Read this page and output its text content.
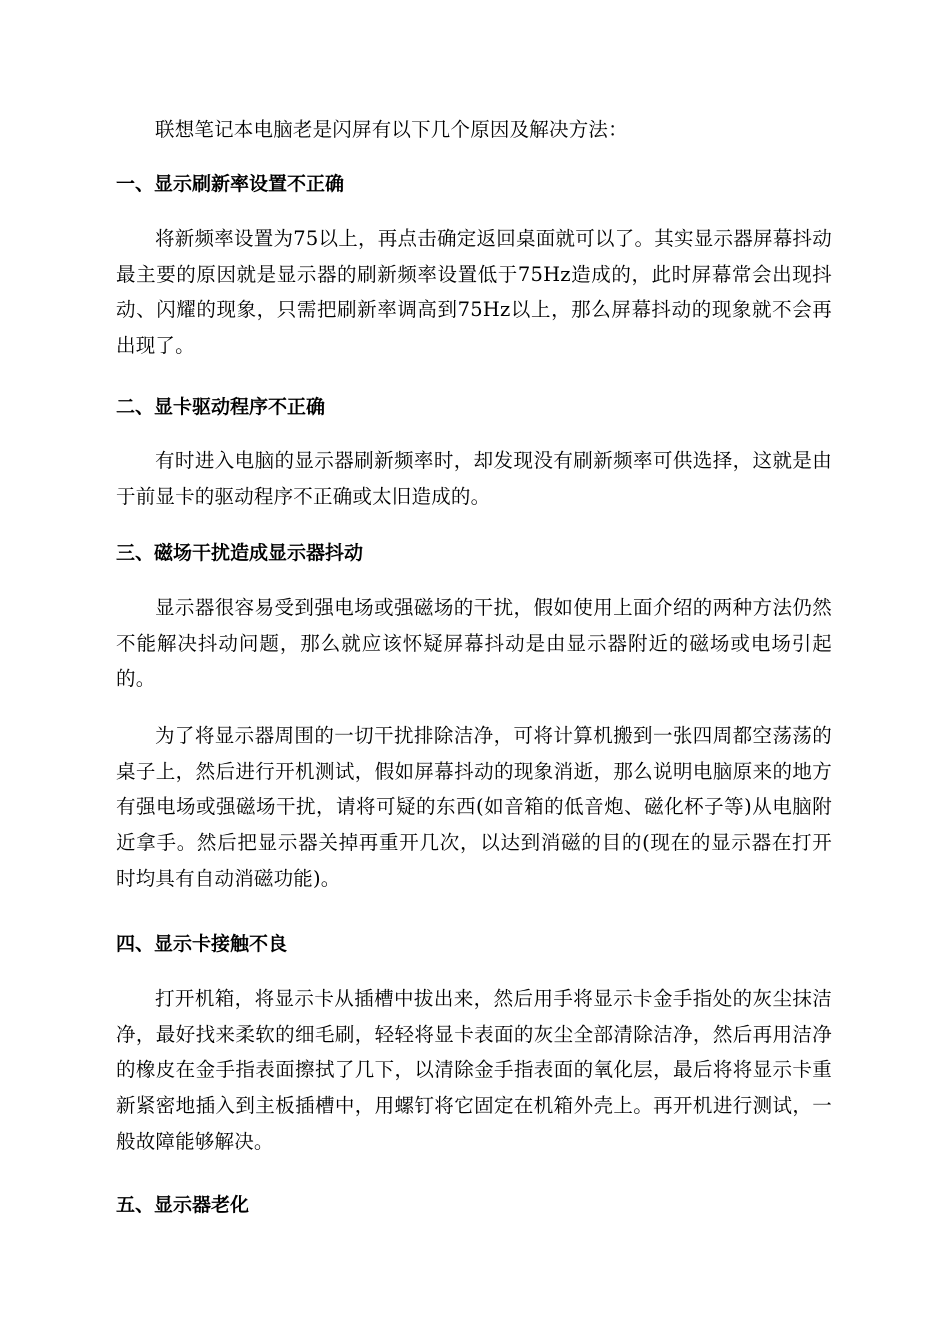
联想笔记本电脑老是闪屏有以下几个原因及解决方法：

一、显示刷新率设置不正确

将新频率设置为75以上，再点击确定返回桌面就可以了。其实显示器屏幕抖动最主要的原因就是显示器的刷新频率设置低于75Hz造成的，此时屏幕常会出现抖动、闪耀的现象，只需把刷新率调高到75Hz以上，那么屏幕抖动的现象就不会再出现了。

二、显卡驱动程序不正确

有时进入电脑的显示器刷新频率时，却发现没有刷新频率可供选择，这就是由于前显卡的驱动程序不正确或太旧造成的。

三、磁场干扰造成显示器抖动

显示器很容易受到强电场或强磁场的干扰，假如使用上面介绍的两种方法仍然不能解决抖动问题，那么就应该怀疑屏幕抖动是由显示器附近的磁场或电场引起的。

为了将显示器周围的一切干扰排除洁净，可将计算机搬到一张四周都空荡荡的桌子上，然后进行开机测试，假如屏幕抖动的现象消逝，那么说明电脑原来的地方有强电场或强磁场干扰，请将可疑的东西(如音箱的低音炮、磁化杯子等)从电脑附近拿手。然后把显示器关掉再重开几次，以达到消磁的目的(现在的显示器在打开时均具有自动消磁功能)。

四、显示卡接触不良

打开机箱，将显示卡从插槽中拔出来，然后用手将显示卡金手指处的灰尘抹洁净，最好找来柔软的细毛刷，轻轻将显卡表面的灰尘全部清除洁净，然后再用洁净的橡皮在金手指表面擦拭了几下，以清除金手指表面的氧化层，最后将将显示卡重新紧密地插入到主板插槽中，用螺钉将它固定在机箱外壳上。再开机进行测试，一般故障能够解决。

五、显示器老化
